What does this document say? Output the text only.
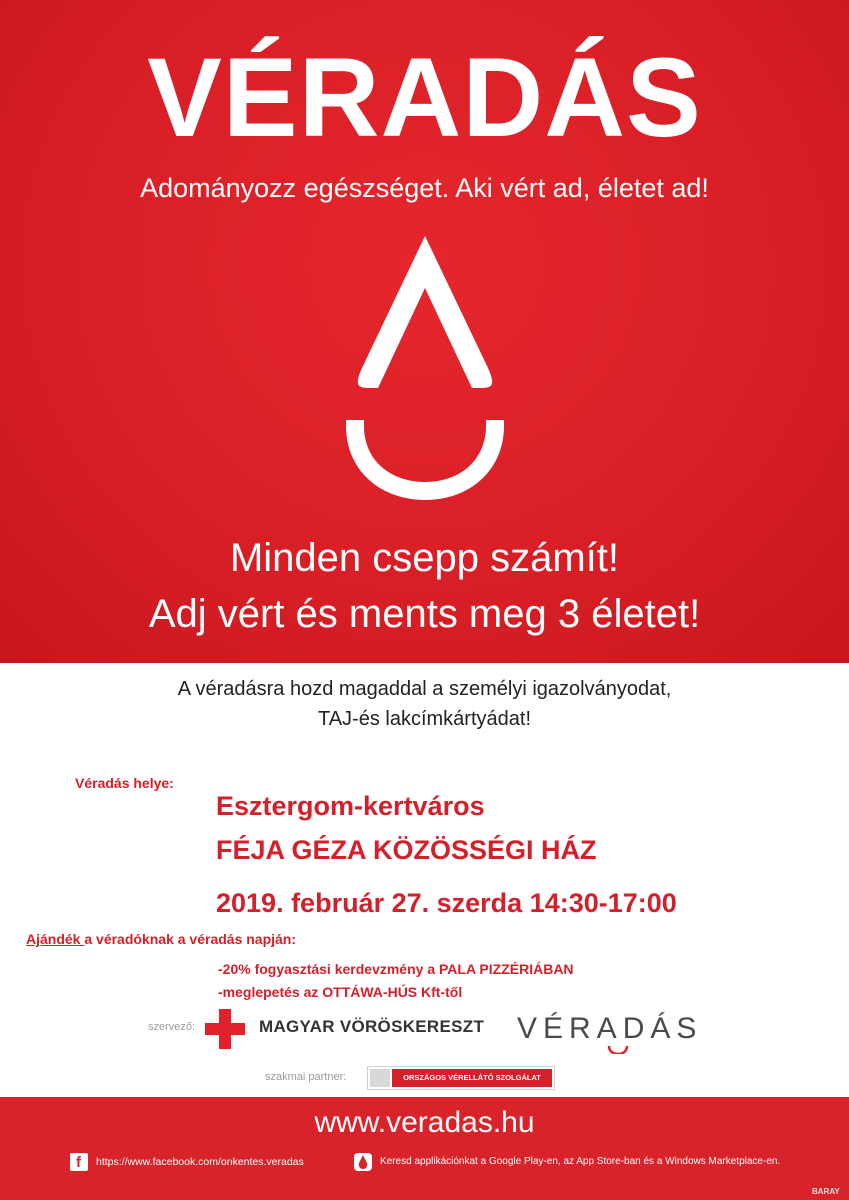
VÉRADÁS
Adományozz egészséget. Aki vért ad, életet ad!
Minden csepp számít!
Adj vért és ments meg 3 életet!
A véradásra hozd magaddal a személyi igazolványodat,
TAJ-és lakcímkártyádat!
Véradás helye:
Esztergom-kertváros
FÉJA GÉZA KÖZÖSSÉGI HÁZ
2019. február 27. szerda 14:30-17:00
Ajándék a véradóknak a véradás napján:
-20% fogyasztási kerdevzmény a PALA PIZZÉRIÁBAN
-meglepetés az OTTÁWA-HÚS Kft-től
szervező:	MAGYAR VÖRÖSKERESZT VÉRADÁS
szakmai partner:	ORSZÁGOS VÉRELLÁTÓ SZOLGÁLAT
www.veradas.hu
f https://www.facebook.com/onkentes.veradas	Keresd applikációnkat a Google Play-en, az App Store-ban és a Windows Marketplace-en.
BARAY
